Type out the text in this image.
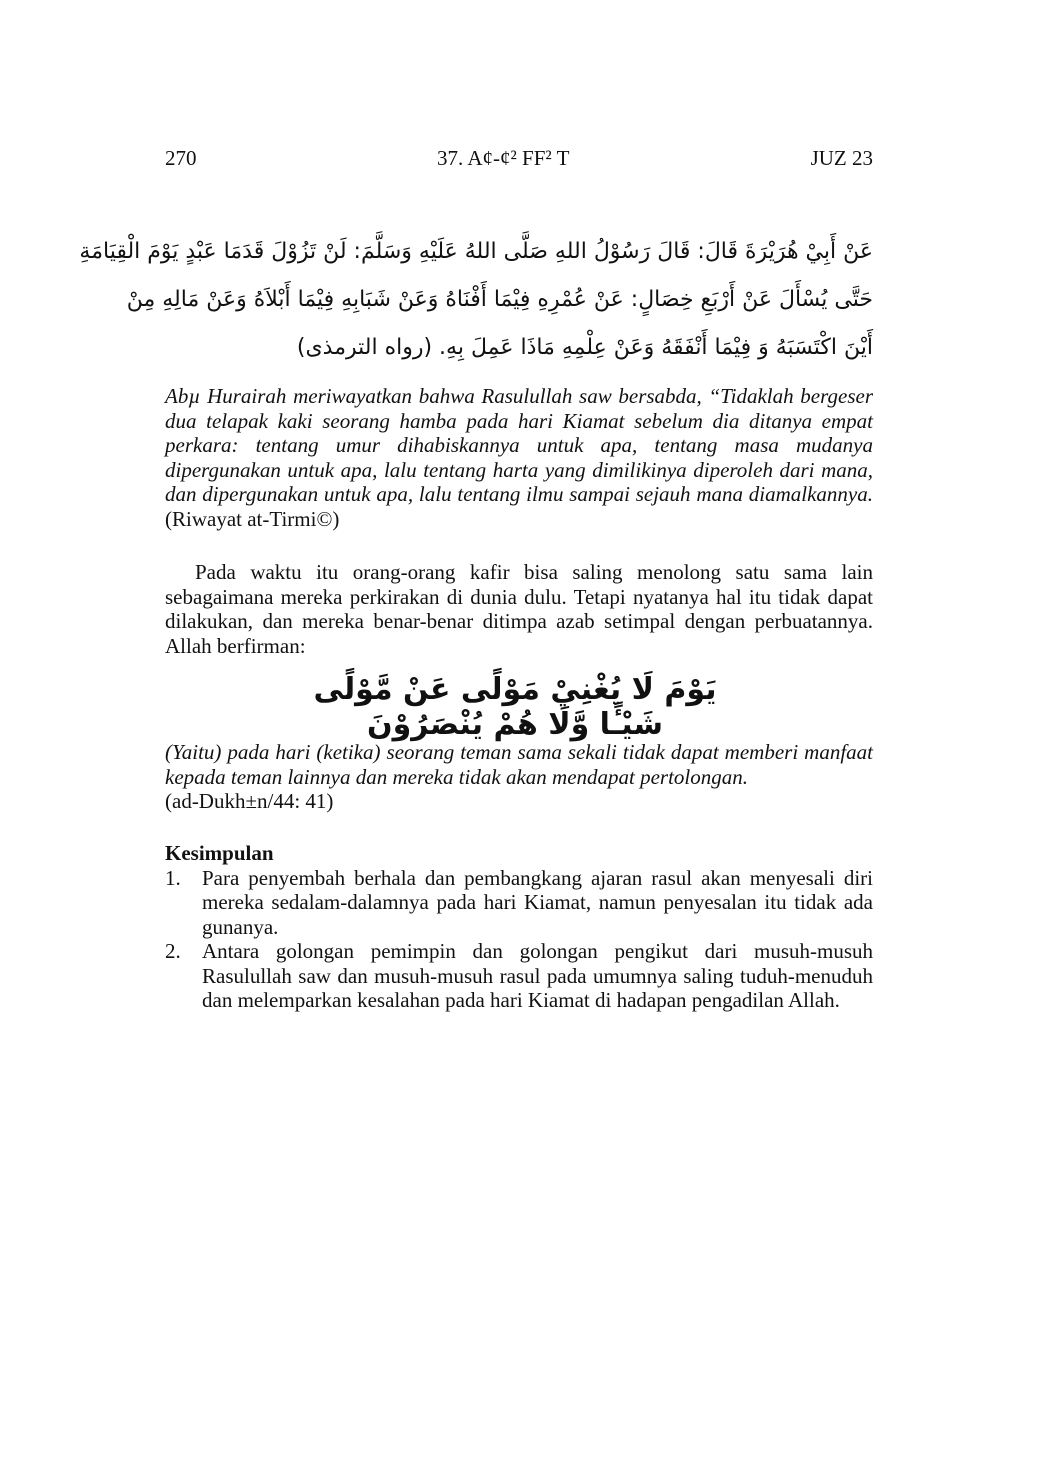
270	37. A¢-¢² FF² T	JUZ 23
عَنْ أَبِيْ هُرَيْرَةَ قَالَ: قَالَ رَسُوْلُ اللهِ صَلَّى اللهُ عَلَيْهِ وَسَلَّمَ: لَنْ تَزُوْلَ قَدَمَا عَبْدٍ يَوْمَ الْقِيَامَةِ
حَتَّى يُسْأَلَ عَنْ أَرْبَعِ خِصَالٍ: عَنْ عُمْرِهِ فِيْمَا أَفْنَاهُ وَعَنْ شَبَابِهِ فِيْمَا أَبْلاَهُ وَعَنْ مَالِهِ مِنْ
أَيْنَ اكْتَسَبَهُ وَ فِيْمَا أَنْفَقَهُ وَعَنْ عِلْمِهِ مَاذَا عَمِلَ بِهِ. (رواه الترمذى)

Abµ Hurairah meriwayatkan bahwa Rasulullah saw bersabda, “Tidaklah bergeser dua telapak kaki seorang hamba pada hari Kiamat sebelum dia ditanya empat perkara: tentang umur dihabiskannya untuk apa, tentang masa mudanya dipergunakan untuk apa, lalu tentang harta yang dimilikinya diperoleh dari mana, dan dipergunakan untuk apa, lalu tentang ilmu sampai sejauh mana diamalkannya. (Riwayat at-Tirmi©)

Pada waktu itu orang-orang kafir bisa saling menolong satu sama lain sebagaimana mereka perkirakan di dunia dulu. Tetapi nyatanya hal itu tidak dapat dilakukan, dan mereka benar-benar ditimpa azab setimpal dengan perbuatannya. Allah berfirman:

يَوْمَ لَا يُغْنِيْ مَوْلًى عَنْ مَّوْلًى شَيْـًٔا وَّلَا هُمْ يُنْصَرُوْنَ

(Yaitu) pada hari (ketika) seorang teman sama sekali tidak dapat memberi manfaat kepada teman lainnya dan mereka tidak akan mendapat pertolongan.

(ad-Dukh±n/44: 41)

Kesimpulan

1.	Para penyembah berhala dan pembangkang ajaran rasul akan menyesali diri mereka sedalam-dalamnya pada hari Kiamat, namun penyesalan itu tidak ada gunanya.
2.	Antara golongan pemimpin dan golongan pengikut dari musuh-musuh Rasulullah saw dan musuh-musuh rasul pada umumnya saling tuduh-menuduh dan melemparkan kesalahan pada hari Kiamat di hadapan pengadilan Allah.
